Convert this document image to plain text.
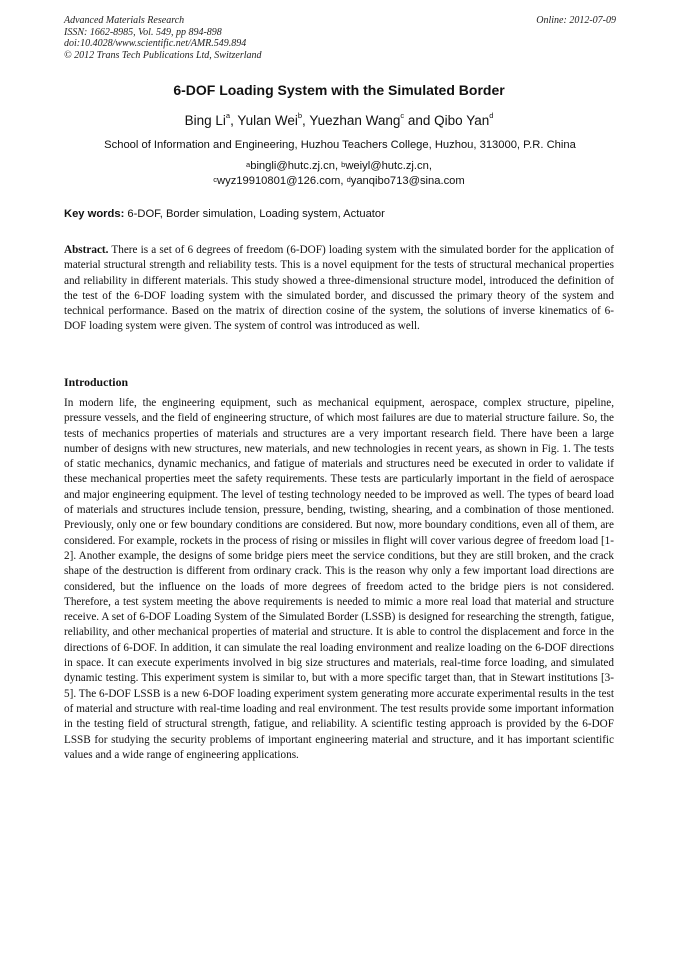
Advanced Materials Research
ISSN: 1662-8985, Vol. 549, pp 894-898
doi:10.4028/www.scientific.net/AMR.549.894
© 2012 Trans Tech Publications Ltd, Switzerland
Online: 2012-07-09
6-DOF Loading System with the Simulated Border
Bing Li$^a$, Yulan Wei$^b$, Yuezhan Wang$^c$ and Qibo Yan$^d$
School of Information and Engineering, Huzhou Teachers College, Huzhou, 313000, P.R. China
$^a$bingli@hutc.zj.cn, $^b$weiyl@hutc.zj.cn,
$^c$wyz19910801@126.com, $^d$yanqibo713@sina.com
Key words: 6-DOF, Border simulation, Loading system, Actuator

Abstract. There is a set of 6 degrees of freedom (6-DOF) loading system with the simulated border for the application of material structural strength and reliability tests. This is a novel equipment for the tests of structural mechanical properties and reliability in different materials. This study showed a three-dimensional structure model, introduced the definition of the test of the 6-DOF loading system with the simulated border, and discussed the primary theory of the system and technical performance. Based on the matrix of direction cosine of the system, the solutions of inverse kinematics of 6-DOF loading system were given. The system of control was introduced as well.

Introduction

In modern life, the engineering equipment, such as mechanical equipment, aerospace, complex structure, pipeline, pressure vessels, and the field of engineering structure, of which most failures are due to material structure failure. So, the tests of mechanics properties of materials and structures are a very important research field. There have been a large number of designs with new structures, new materials, and new technologies in recent years, as shown in Fig. 1. The tests of static mechanics, dynamic mechanics, and fatigue of materials and structures need be executed in order to validate if these mechanical properties meet the safety requirements. These tests are particularly important in the field of aerospace and major engineering equipment. The level of testing technology needed to be improved as well. The types of beard load of materials and structures include tension, pressure, bending, twisting, shearing, and a combination of those mentioned. Previously, only one or few boundary conditions are considered. But now, more boundary conditions, even all of them, are considered. For example, rockets in the process of rising or missiles in flight will cover various degree of freedom load [1-2]. Another example, the designs of some bridge piers meet the service conditions, but they are still broken, and the crack shape of the destruction is different from ordinary crack. This is the reason why only a few important load directions are considered, but the influence on the loads of more degrees of freedom acted to the bridge piers is not considered. Therefore, a test system meeting the above requirements is needed to mimic a more real load that material and structure receive. A set of 6-DOF Loading System of the Simulated Border (LSSB) is designed for researching the strength, fatigue, reliability, and other mechanical properties of material and structure. It is able to control the displacement and force in the directions of 6-DOF. In addition, it can simulate the real loading environment and realize loading on the 6-DOF directions in space. It can execute experiments involved in big size structures and materials, real-time force loading, and simulated dynamic testing. This experiment system is similar to, but with a more specific target than, that in Stewart institutions [3-5]. The 6-DOF LSSB is a new 6-DOF loading experiment system generating more accurate experimental results in the test of material and structure with real-time loading and real environment. The test results provide some important information in the testing field of structural strength, fatigue, and reliability. A scientific testing approach is provided by the 6-DOF LSSB for studying the security problems of important engineering material and structure, and it has important scientific values and a wide range of engineering applications.
